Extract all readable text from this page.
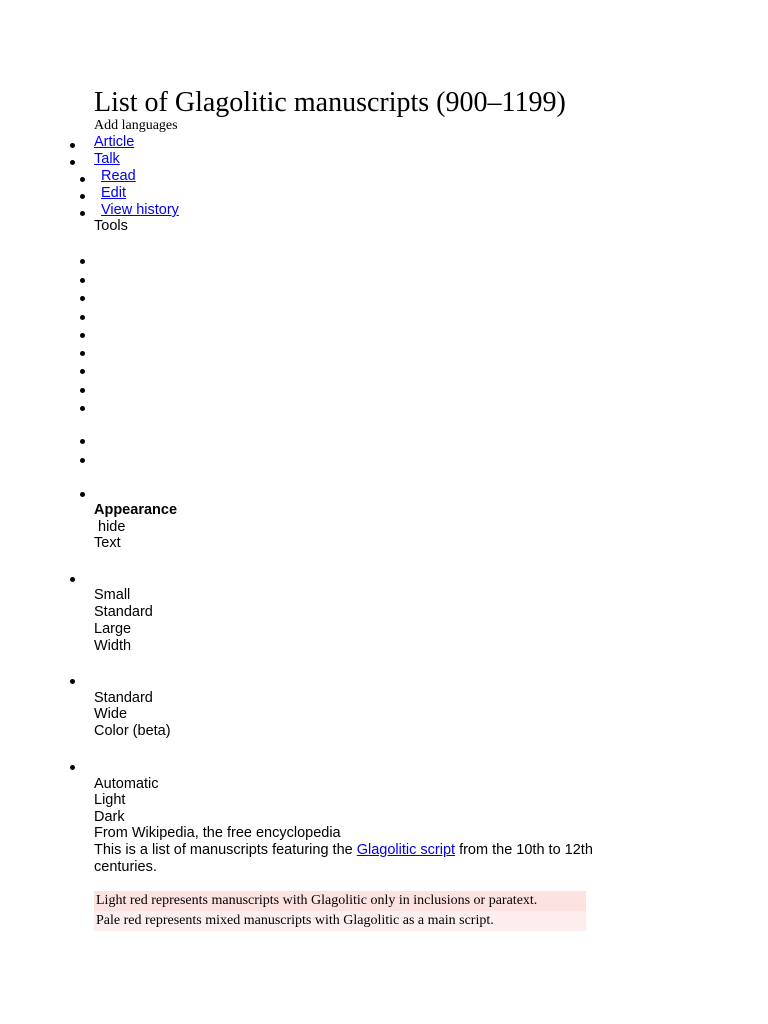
List of Glagolitic manuscripts (900–1199)
Add languages
Article
Talk
Read
Edit
View history
Tools
Appearance
hide
Text
Small
Standard
Large
Width
Standard
Wide
Color (beta)
Automatic
Light
Dark
From Wikipedia, the free encyclopedia
This is a list of manuscripts featuring the Glagolitic script from the 10th to 12th
centuries.
Light red represents manuscripts with Glagolitic only in inclusions or paratext.
Pale red represents mixed manuscripts with Glagolitic as a main script.
